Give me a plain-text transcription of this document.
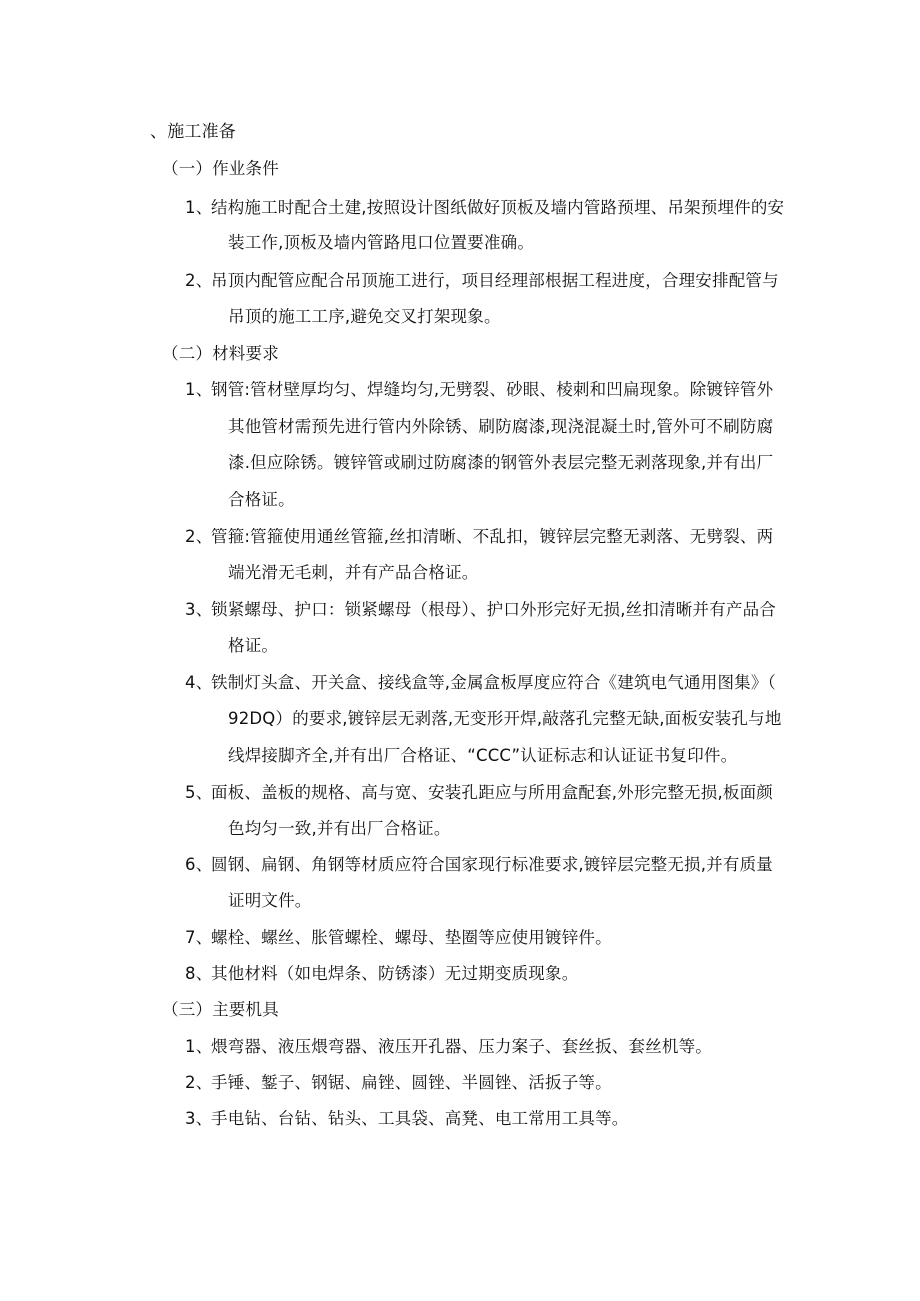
、施工准备
（一）作业条件
1、结构施工时配合土建,按照设计图纸做好顶板及墙内管路预埋、吊架预埋件的安
装工作,顶板及墙内管路甩口位置要准确。
2、吊顶内配管应配合吊顶施工进行，项目经理部根据工程进度，合理安排配管与
吊顶的施工工序,避免交叉打架现象。
（二）材料要求
1、钢管:管材壁厚均匀、焊缝均匀,无劈裂、砂眼、棱刺和凹扁现象。除镀锌管外
其他管材需预先进行管内外除锈、刷防腐漆,现浇混凝土时,管外可不刷防腐
漆.但应除锈。镀锌管或刷过防腐漆的钢管外表层完整无剥落现象,并有出厂
合格证。
2、管箍:管箍使用通丝管箍,丝扣清晰、不乱扣，镀锌层完整无剥落、无劈裂、两
端光滑无毛刺，并有产品合格证。
3、锁紧螺母、护口：锁紧螺母（根母）、护口外形完好无损,丝扣清晰并有产品合
格证。
4、铁制灯头盒、开关盒、接线盒等,金属盒板厚度应符合《建筑电气通用图集》（
92DQ）的要求,镀锌层无剥落,无变形开焊,敲落孔完整无缺,面板安装孔与地
线焊接脚齐全,并有出厂合格证、“CCC”认证标志和认证证书复印件。
5、面板、盖板的规格、高与宽、安装孔距应与所用盒配套,外形完整无损,板面颜
色均匀一致,并有出厂合格证。
6、圆钢、扁钢、角钢等材质应符合国家现行标准要求,镀锌层完整无损,并有质量
证明文件。
7、螺栓、螺丝、胀管螺栓、螺母、垫圈等应使用镀锌件。
8、其他材料（如电焊条、防锈漆）无过期变质现象。
（三）主要机具
1、煨弯器、液压煨弯器、液压开孔器、压力案子、套丝扳、套丝机等。
2、手锤、錾子、钢锯、扁锉、圆锉、半圆锉、活扳子等。
3、手电钻、台钻、钻头、工具袋、高凳、电工常用工具等。
